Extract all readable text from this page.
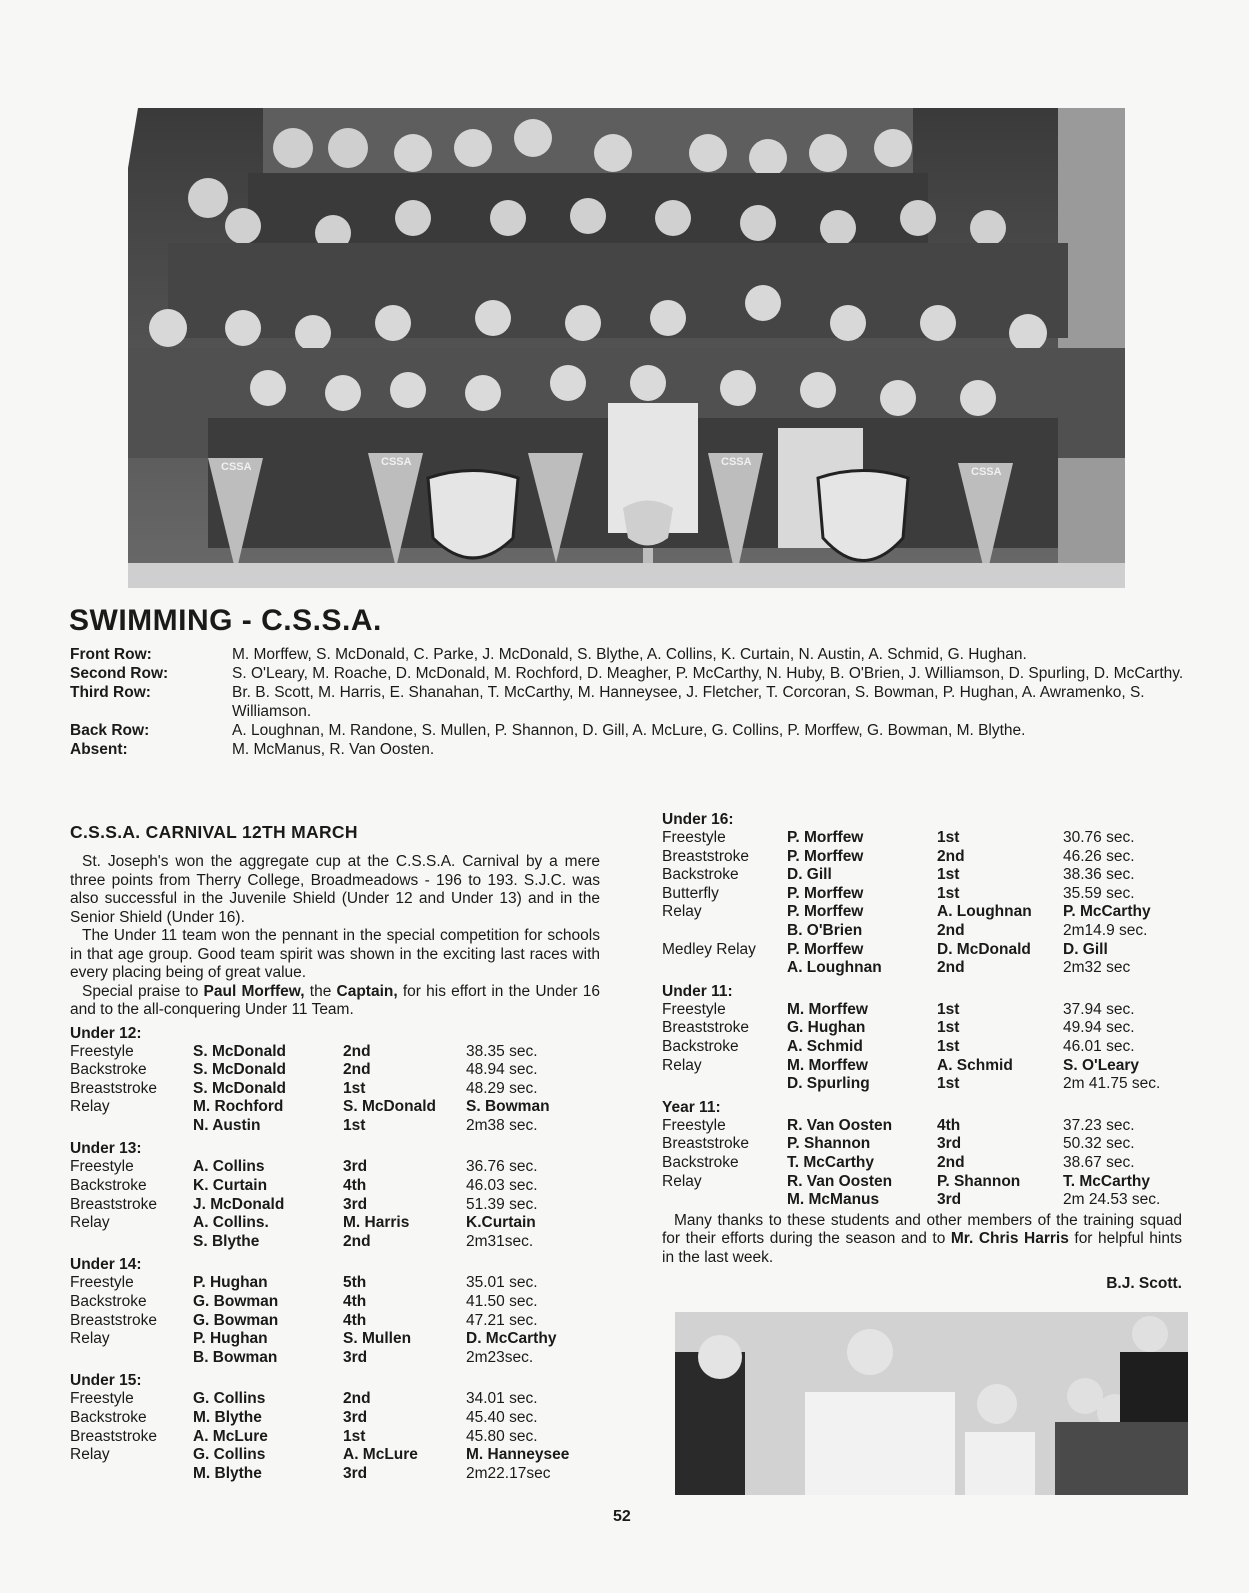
CSSA	CSSA	CSSA
CSSA
SWIMMING - C.S.S.A.
Front Row:	M. Morffew, S. McDonald, C. Parke, J. McDonald, S. Blythe, A. Collins, K. Curtain, N. Austin, A. Schmid, G. Hughan.
Second Row:	S. O'Leary, M. Roache, D. McDonald, M. Rochford, D. Meagher, P. McCarthy, N. Huby, B. O'Brien, J. Williamson, D. Spurling, D. McCarthy.
Third Row:	Br. B. Scott, M. Harris, E. Shanahan, T. McCarthy, M. Hanneysee, J. Fletcher, T. Corcoran, S. Bowman, P. Hughan, A. Awramenko, S. Williamson.
Back Row:	A. Loughnan, M. Randone, S. Mullen, P. Shannon, D. Gill, A. McLure, G. Collins, P. Morffew, G. Bowman, M. Blythe.
Absent:	M. McManus, R. Van Oosten.
C.S.S.A. CARNIVAL 12TH MARCH

St. Joseph's won the aggregate cup at the C.S.S.A. Carnival by a mere three points from Therry College, Broadmeadows - 196 to 193. S.J.C. was also successful in the Juvenile Shield (Under 12 and Under 13) and in the Senior Shield (Under 16).

The Under 11 team won the pennant in the special competition for schools in that age group. Good team spirit was shown in the exciting last races with every placing being of great value.

Special praise to Paul Morffew, the Captain, for his effort in the Under 16 and to the all-conquering Under 11 Team.

Under 12:
Freestyle	S. McDonald	2nd	38.35 sec.
Backstroke	S. McDonald	2nd	48.94 sec.
Breaststroke	S. McDonald	1st	48.29 sec.
Relay	M. Rochford	S. McDonald	S. Bowman
N. Austin	1st	2m38 sec.
Under 13:
Freestyle	A. Collins	3rd	36.76 sec.
Backstroke	K. Curtain	4th	46.03 sec.
Breaststroke	J. McDonald	3rd	51.39 sec.
Relay	A. Collins.	M. Harris	K.Curtain
S. Blythe	2nd	2m31sec.
Under 14:
Freestyle	P. Hughan	5th	35.01 sec.
Backstroke	G. Bowman	4th	41.50 sec.
Breaststroke	G. Bowman	4th	47.21 sec.
Relay	P. Hughan	S. Mullen	D. McCarthy
B. Bowman	3rd	2m23sec.
Under 15:
Freestyle	G. Collins	2nd	34.01 sec.
Backstroke	M. Blythe	3rd	45.40 sec.
Breaststroke	A. McLure	1st	45.80 sec.
Relay	G. Collins	A. McLure	M. Hanneysee
M. Blythe	3rd	2m22.17sec
Under 16:
Freestyle	P. Morffew	1st	30.76 sec.
Breaststroke	P. Morffew	2nd	46.26 sec.
Backstroke	D. Gill	1st	38.36 sec.
Butterfly	P. Morffew	1st	35.59 sec.
Relay	P. Morffew	A. Loughnan	P. McCarthy
B. O'Brien	2nd	2m14.9 sec.
Medley Relay	P. Morffew	D. McDonald	D. Gill
A. Loughnan	2nd	2m32 sec
Under 11:
Freestyle	M. Morffew	1st	37.94 sec.
Breaststroke	G. Hughan	1st	49.94 sec.
Backstroke	A. Schmid	1st	46.01 sec.
Relay	M. Morffew	A. Schmid	S. O'Leary
D. Spurling	1st	2m 41.75 sec.
Year 11:
Freestyle	R. Van Oosten	4th	37.23 sec.
Breaststroke	P. Shannon	3rd	50.32 sec.
Backstroke	T. McCarthy	2nd	38.67 sec.
Relay	R. Van Oosten	P. Shannon	T. McCarthy
M. McManus	3rd	2m 24.53 sec.

Many thanks to these students and other members of the training squad for their efforts during the season and to Mr. Chris Harris for helpful hints in the last week.

B.J. Scott.
52
